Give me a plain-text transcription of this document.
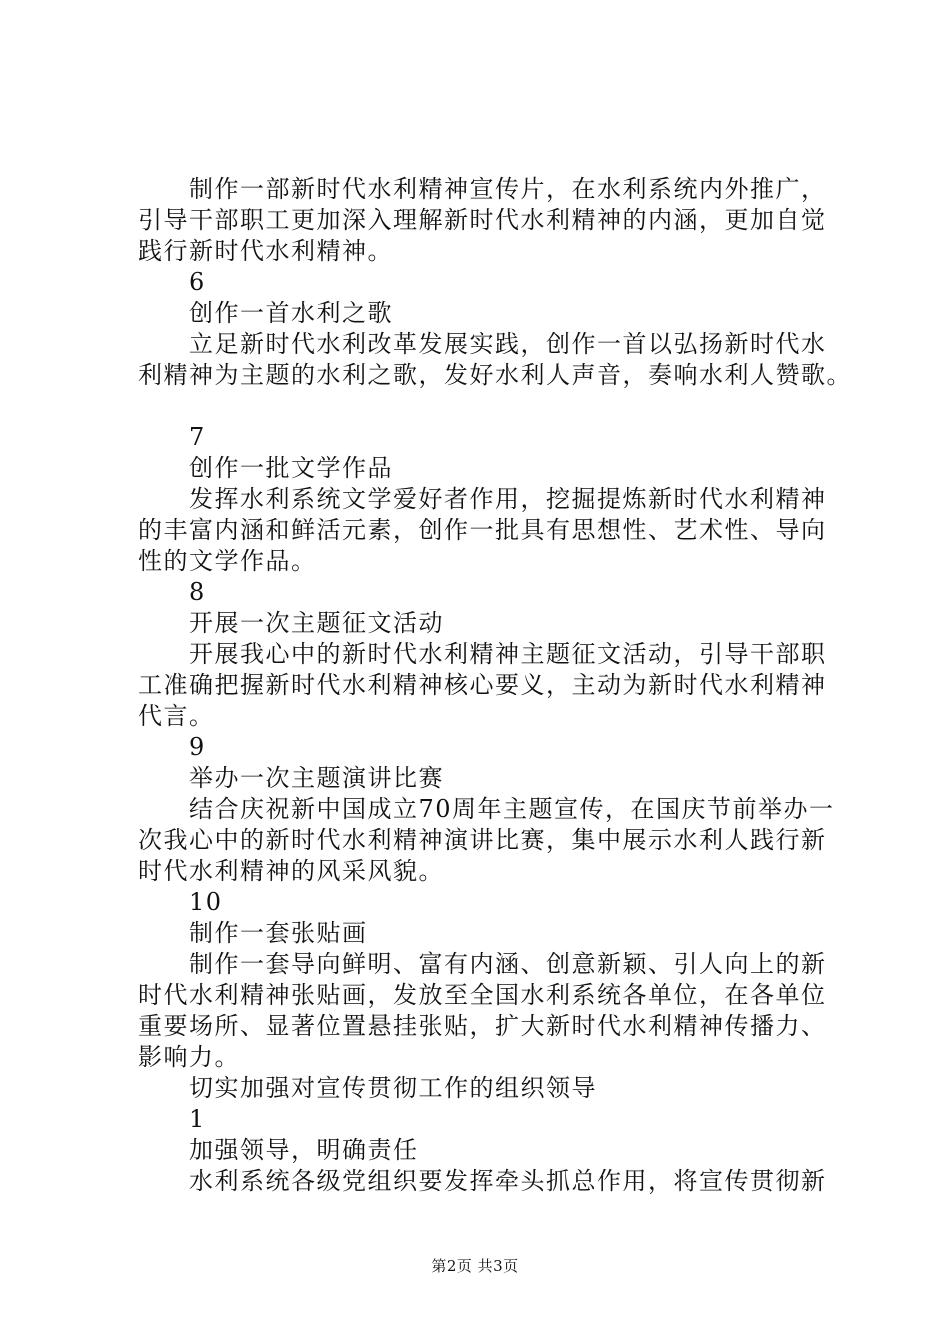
　　制作一部新时代水利精神宣传片，在水利系统内外推广，
引导干部职工更加深入理解新时代水利精神的内涵，更加自觉
践行新时代水利精神。
　　6
　　创作一首水利之歌
　　立足新时代水利改革发展实践，创作一首以弘扬新时代水
利精神为主题的水利之歌，发好水利人声音，奏响水利人赞歌。
　　7
　　创作一批文学作品
　　发挥水利系统文学爱好者作用，挖掘提炼新时代水利精神
的丰富内涵和鲜活元素，创作一批具有思想性、艺术性、导向
性的文学作品。
　　8
　　开展一次主题征文活动
　　开展我心中的新时代水利精神主题征文活动，引导干部职
工准确把握新时代水利精神核心要义，主动为新时代水利精神
代言。
　　9
　　举办一次主题演讲比赛
　　结合庆祝新中国成立70周年主题宣传，在国庆节前举办一
次我心中的新时代水利精神演讲比赛，集中展示水利人践行新
时代水利精神的风采风貌。
　　10
　　制作一套张贴画
　　制作一套导向鲜明、富有内涵、创意新颖、引人向上的新
时代水利精神张贴画，发放至全国水利系统各单位，在各单位
重要场所、显著位置悬挂张贴，扩大新时代水利精神传播力、
影响力。
　　切实加强对宣传贯彻工作的组织领导
　　1
　　加强领导，明确责任
　　水利系统各级党组织要发挥牵头抓总作用，将宣传贯彻新
第2页 共3页
